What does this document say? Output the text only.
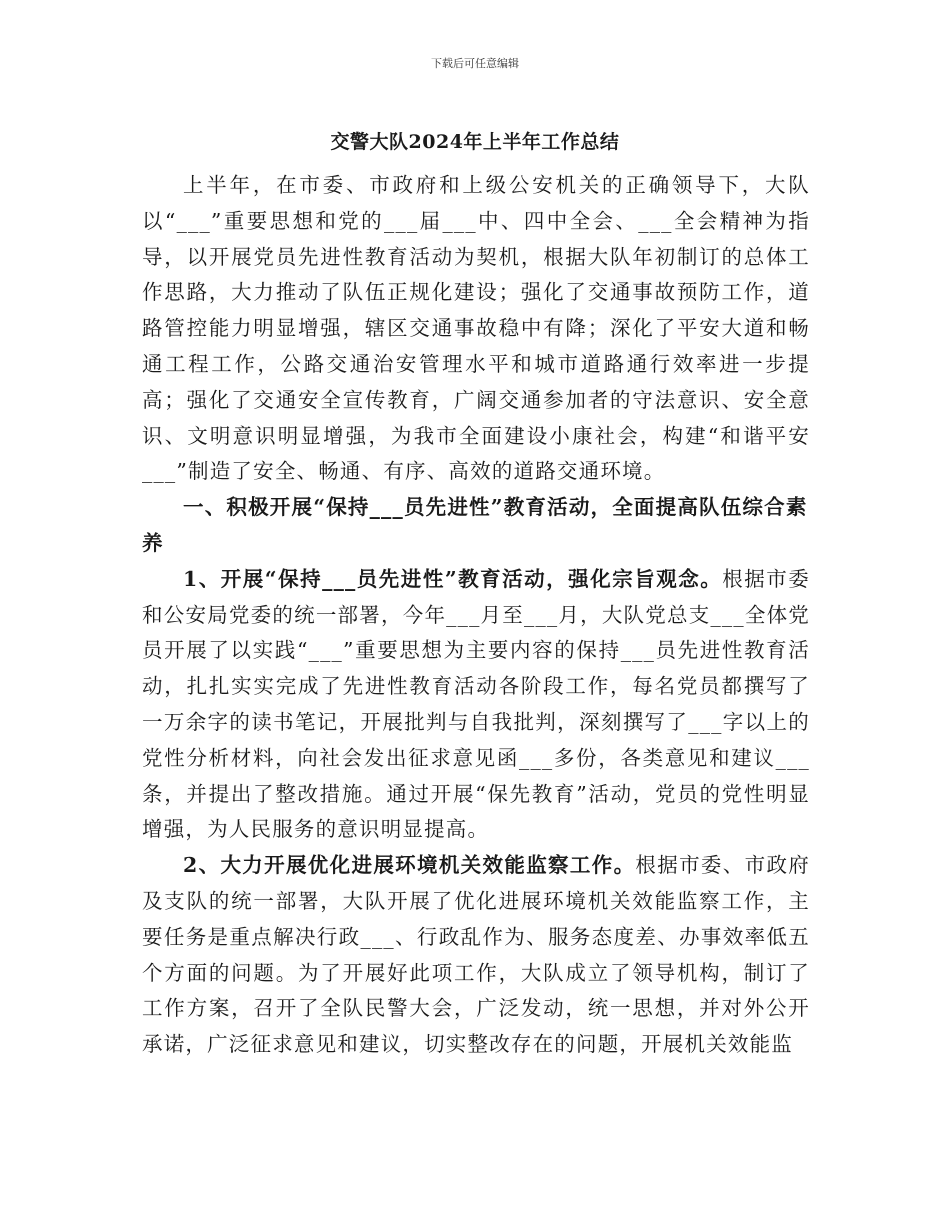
下载后可任意编辑
交警大队2024年上半年工作总结

上半年，在市委、市政府和上级公安机关的正确领导下，大队以“___”重要思想和党的___届___中、四中全会、___全会精神为指导，以开展党员先进性教育活动为契机，根据大队年初制订的总体工作思路，大力推动了队伍正规化建设；强化了交通事故预防工作，道路管控能力明显增强，辖区交通事故稳中有降；深化了平安大道和畅通工程工作，公路交通治安管理水平和城市道路通行效率进一步提高；强化了交通安全宣传教育，广阔交通参加者的守法意识、安全意识、文明意识明显增强，为我市全面建设小康社会，构建“和谐平安___”制造了安全、畅通、有序、高效的道路交通环境。

一、积极开展“保持___员先进性”教育活动，全面提高队伍综合素养

1、开展“保持___员先进性”教育活动，强化宗旨观念。根据市委和公安局党委的统一部署，今年___月至___月，大队党总支___全体党员开展了以实践“___”重要思想为主要内容的保持___员先进性教育活动，扎扎实实完成了先进性教育活动各阶段工作，每名党员都撰写了一万余字的读书笔记，开展批判与自我批判，深刻撰写了___字以上的党性分析材料，向社会发出征求意见函___多份，各类意见和建议___条，并提出了整改措施。通过开展“保先教育”活动，党员的党性明显增强，为人民服务的意识明显提高。

2、大力开展优化进展环境机关效能监察工作。根据市委、市政府及支队的统一部署，大队开展了优化进展环境机关效能监察工作，主要任务是重点解决行政___、行政乱作为、服务态度差、办事效率低五个方面的问题。为了开展好此项工作，大队成立了领导机构，制订了工作方案，召开了全队民警大会，广泛发动，统一思想，并对外公开承诺，广泛征求意见和建议，切实整改存在的问题，开展机关效能监
